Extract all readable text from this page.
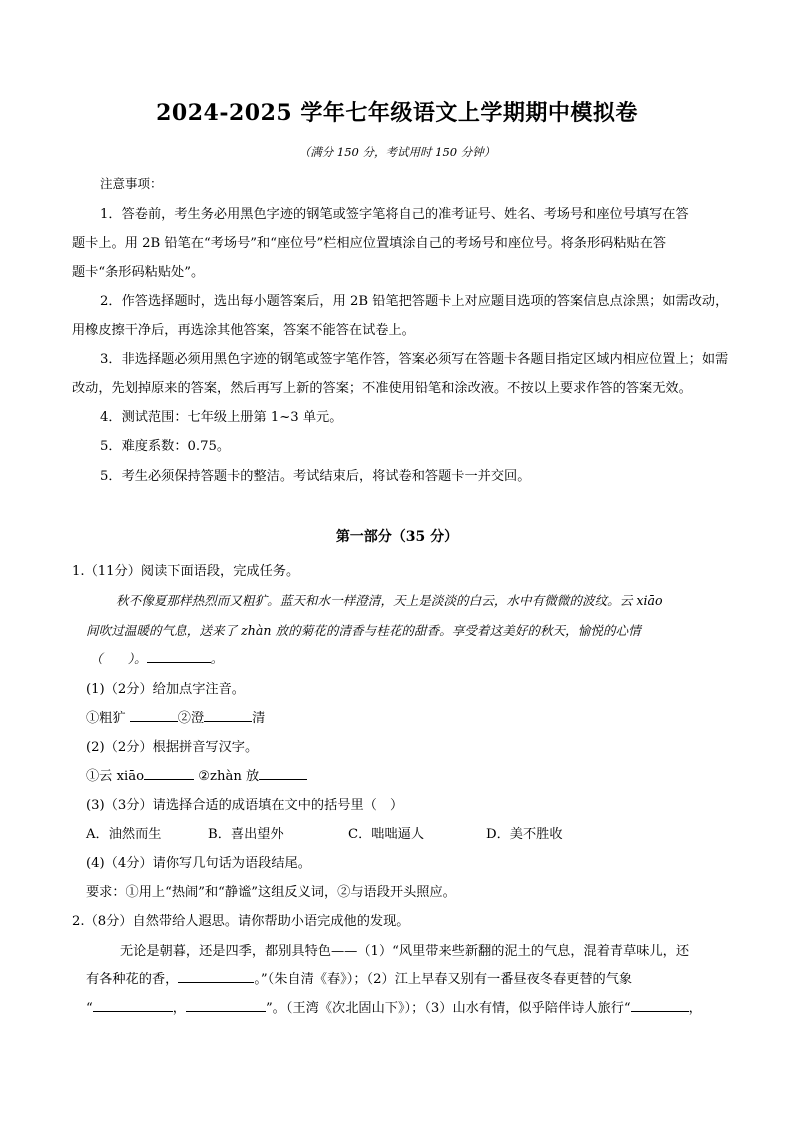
2024-2025 学年七年级语文上学期期中模拟卷
（满分 150 分，考试用时 150 分钟）
注意事项：
1．答卷前，考生务必用黑色字迹的钢笔或签字笔将自己的准考证号、姓名、考场号和座位号填写在答
题卡上。用 2B 铅笔在“考场号”和“座位号”栏相应位置填涂自己的考场号和座位号。将条形码粘贴在答
题卡“条形码粘贴处”。
2．作答选择题时，选出每小题答案后，用 2B 铅笔把答题卡上对应题目选项的答案信息点涂黑；如需改动，
用橡皮擦干净后，再选涂其他答案，答案不能答在试卷上。
3．非选择题必须用黑色字迹的钢笔或签字笔作答，答案必须写在答题卡各题目指定区域内相应位置上；如需
改动，先划掉原来的答案，然后再写上新的答案；不准使用铅笔和涂改液。不按以上要求作答的答案无效。
4．测试范围：七年级上册第 1~3 单元。
5．难度系数：0.75。
5．考生必须保持答题卡的整洁。考试结束后，将试卷和答题卡一并交回。
第一部分（35 分）
1.（11分）阅读下面语段，完成任务。
秋不像夏那样热烈而又粗犷。蓝天和水一样澄清，天上是淡淡的白云，水中有微微的波纹。云 xiāo
间吹过温暖的气息，送来了 zhàn 放的菊花的清香与桂花的甜香。享受着这美好的秋天，愉悦的心情
（　　）。	。
(1)（2分）给加点字注音。
①粗犷	②澄	清
(2)（2分）根据拼音写汉字。
①云 xiāo	②zhàn 放
(3)（3分）请选择合适的成语填在文中的括号里（　）
A．油然而生	B．喜出望外	C．咄咄逼人	D．美不胜收
(4)（4分）请你写几句话为语段结尾。
要求：①用上“热闹”和“静谧”这组反义词，②与语段开头照应。
2.（8分）自然带给人遐思。请你帮助小语完成他的发现。
无论是朝暮，还是四季，都别具特色——（1）“风里带来些新翻的泥土的气息，混着青草味儿，还
有各种花的香，	。”（朱自清《春》）；（2）江上早春又别有一番昼夜冬春更替的气象
“	，	”。（王湾《次北固山下》）；（3）山水有情，似乎陪伴诗人旅行“	，
